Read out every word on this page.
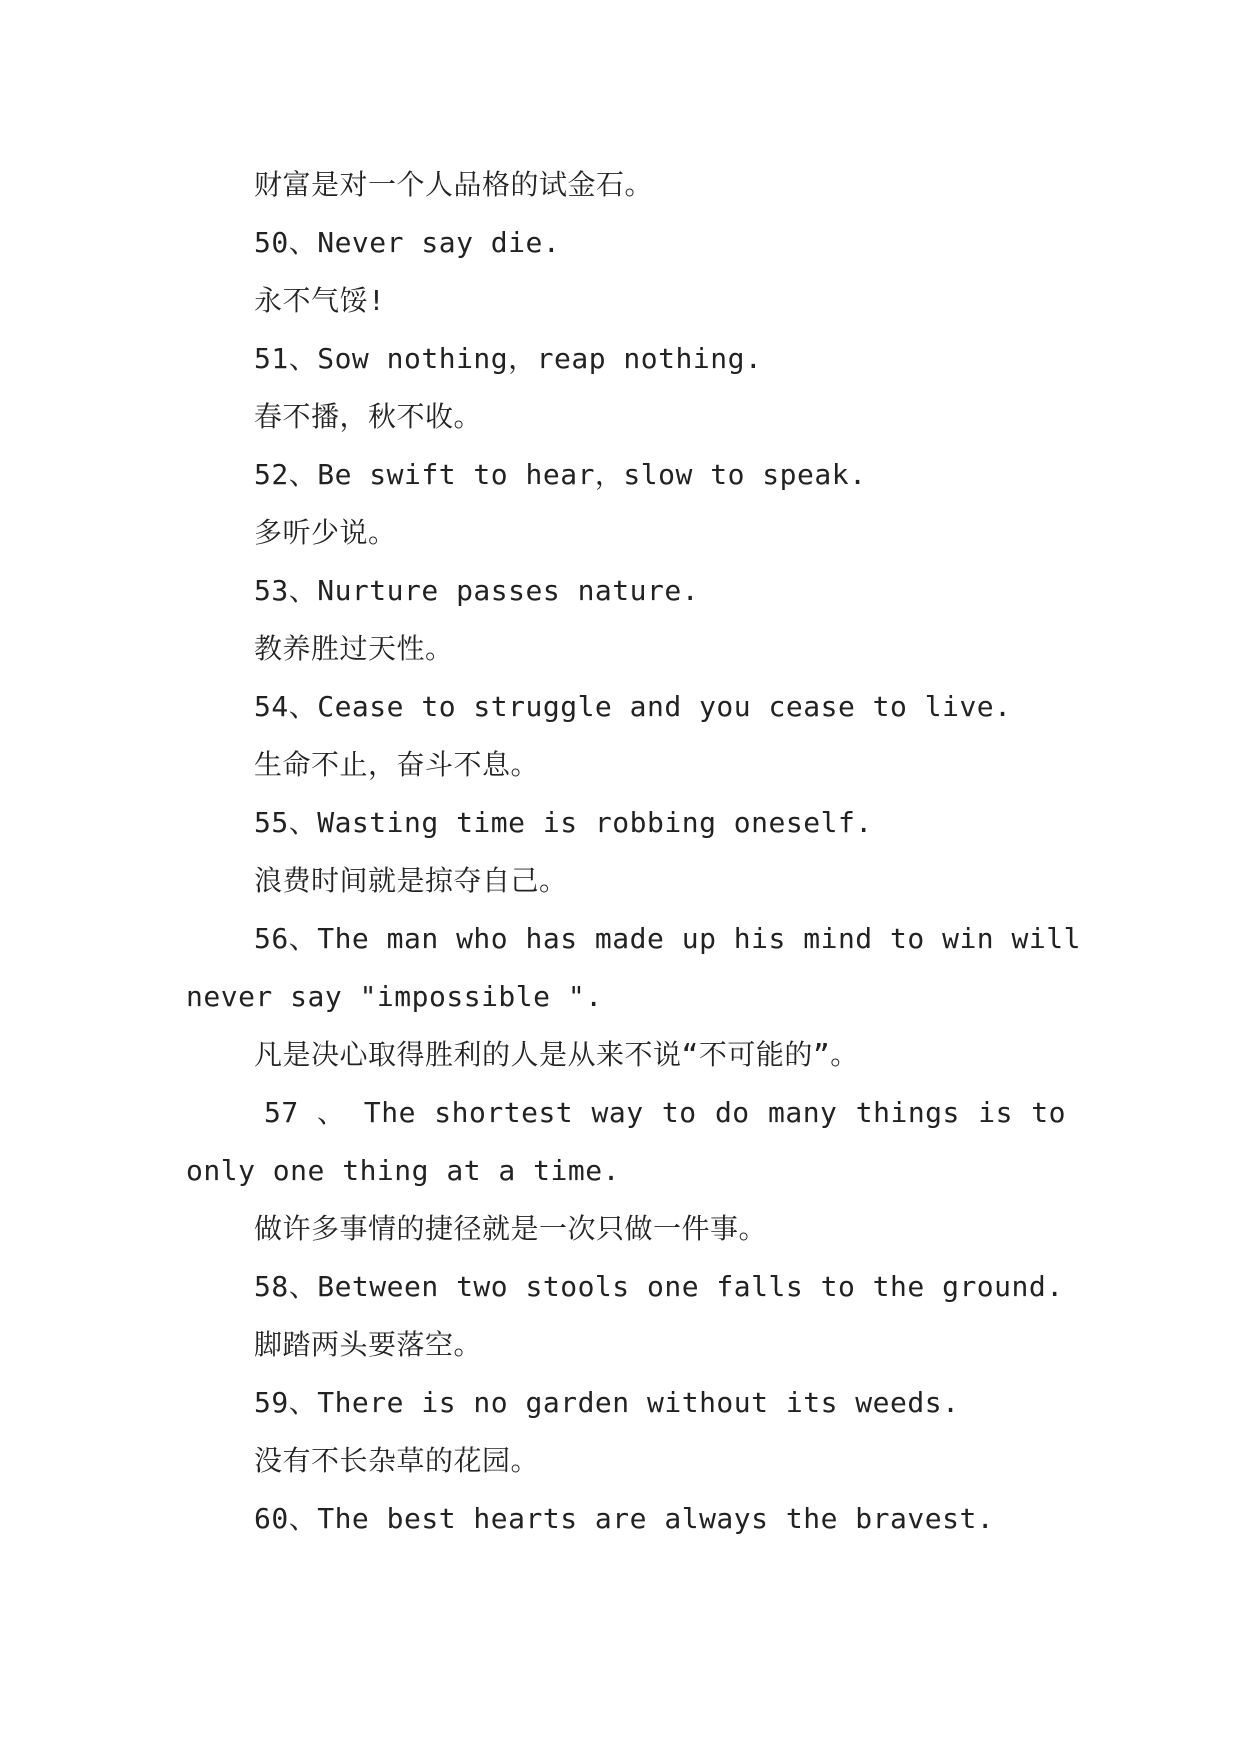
财富是对一个人品格的试金石。

50、Never say die.

永不气馁!

51、Sow nothing，reap nothing.

春不播，秋不收。

52、Be swift to hear，slow to speak.

多听少说。

53、Nurture passes nature.

教养胜过天性。

54、Cease to struggle and you cease to live.

生命不止，奋斗不息。

55、Wasting time is robbing oneself.

浪费时间就是掠夺自己。

56、The man who has made up his mind to win will

never say "impossible ".

凡是决心取得胜利的人是从来不说“不可能的”。

57 、 The shortest way to do many things is to

only one thing at a time.

做许多事情的捷径就是一次只做一件事。

58、Between two stools one falls to the ground.

脚踏两头要落空。

59、There is no garden without its weeds.

没有不长杂草的花园。

60、The best hearts are always the bravest.
